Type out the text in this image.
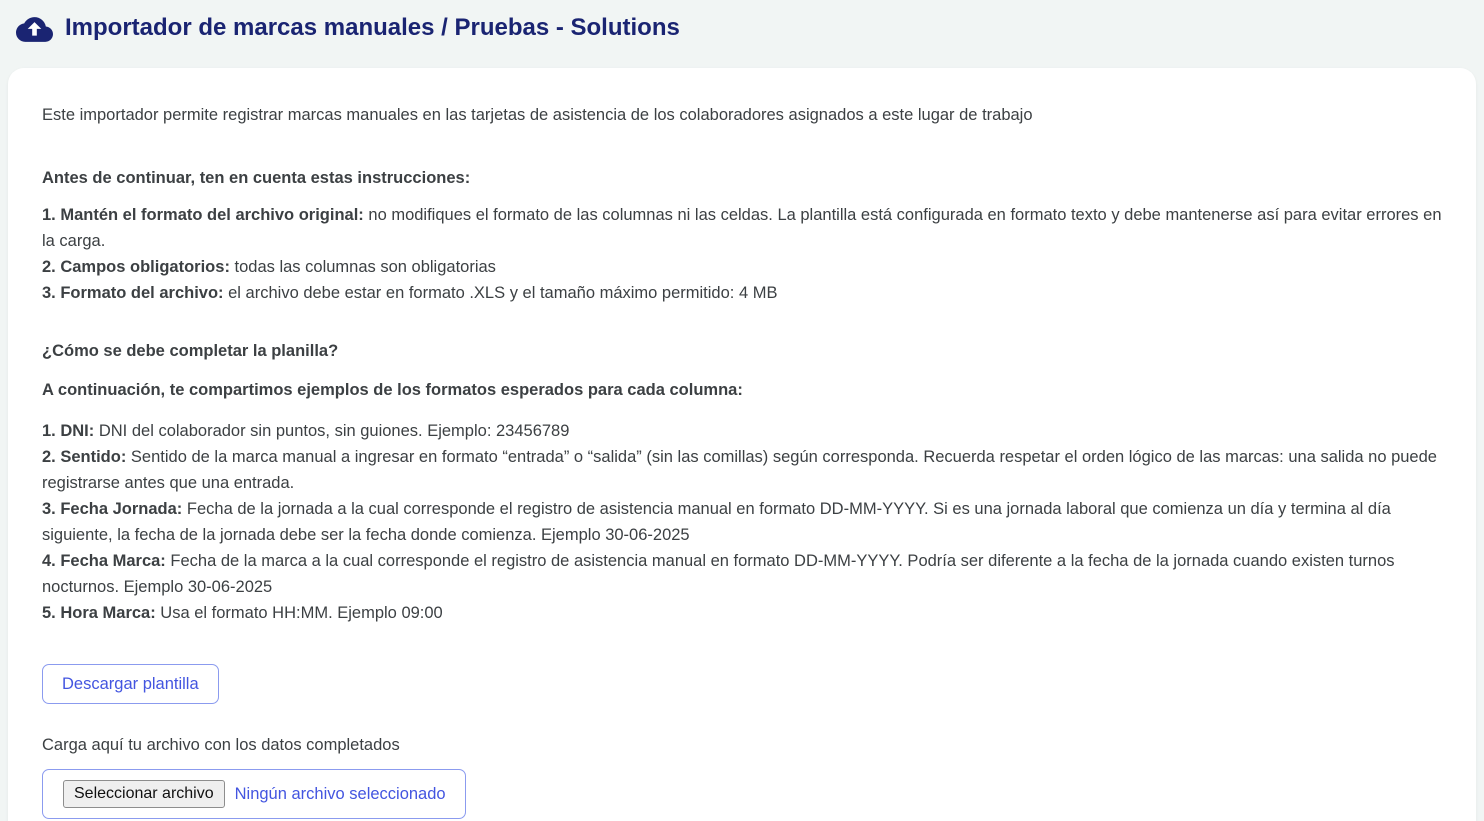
Importador de marcas manuales / Pruebas - Solutions

Este importador permite registrar marcas manuales en las tarjetas de asistencia de los colaboradores asignados a este lugar de trabajo

Antes de continuar, ten en cuenta estas instrucciones:

1. Mantén el formato del archivo original: no modifiques el formato de las columnas ni las celdas. La plantilla está configurada en formato texto y debe mantenerse así para evitar errores en la carga.
2. Campos obligatorios: todas las columnas son obligatorias
3. Formato del archivo: el archivo debe estar en formato .XLS y el tamaño máximo permitido: 4 MB

¿Cómo se debe completar la planilla?

A continuación, te compartimos ejemplos de los formatos esperados para cada columna:

1. DNI: DNI del colaborador sin puntos, sin guiones. Ejemplo: 23456789
2. Sentido: Sentido de la marca manual a ingresar en formato “entrada” o “salida” (sin las comillas) según corresponda. Recuerda respetar el orden lógico de las marcas: una salida no puede registrarse antes que una entrada.
3. Fecha Jornada: Fecha de la jornada a la cual corresponde el registro de asistencia manual en formato DD-MM-YYYY. Si es una jornada laboral que comienza un día y termina al día siguiente, la fecha de la jornada debe ser la fecha donde comienza. Ejemplo 30-06-2025
4. Fecha Marca: Fecha de la marca a la cual corresponde el registro de asistencia manual en formato DD-MM-YYYY. Podría ser diferente a la fecha de la jornada cuando existen turnos nocturnos. Ejemplo 30-06-2025
5. Hora Marca: Usa el formato HH:MM. Ejemplo 09:00
Descargar plantilla

Carga aquí tu archivo con los datos completados

Seleccionar archivo	Ningún archivo seleccionado
